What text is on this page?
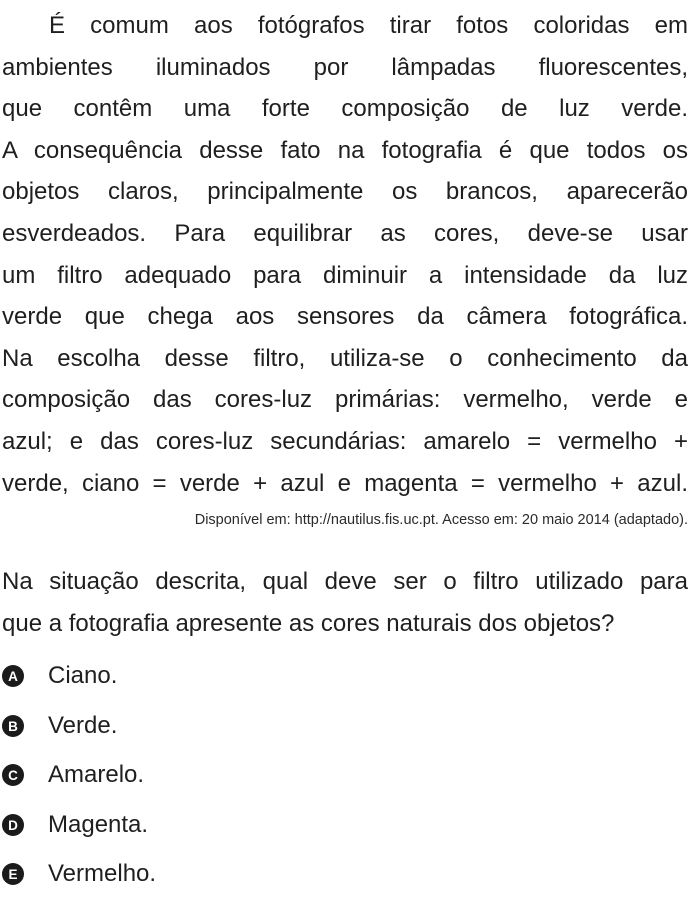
É comum aos fotógrafos tirar fotos coloridas em
ambientes iluminados por lâmpadas fluorescentes,
que contêm uma forte composição de luz verde.
A consequência desse fato na fotografia é que todos os
objetos claros, principalmente os brancos, aparecerão
esverdeados. Para equilibrar as cores, deve-se usar
um filtro adequado para diminuir a intensidade da luz
verde que chega aos sensores da câmera fotográfica.
Na escolha desse filtro, utiliza-se o conhecimento da
composição das cores-luz primárias: vermelho, verde e
azul; e das cores-luz secundárias: amarelo = vermelho +
verde, ciano = verde + azul e magenta = vermelho + azul.
Disponível em: http://nautilus.fis.uc.pt. Acesso em: 20 maio 2014 (adaptado).
Na situação descrita, qual deve ser o filtro utilizado para
que a fotografia apresente as cores naturais dos objetos?
A Ciano.
B Verde.
C Amarelo.
D Magenta.
E Vermelho.
